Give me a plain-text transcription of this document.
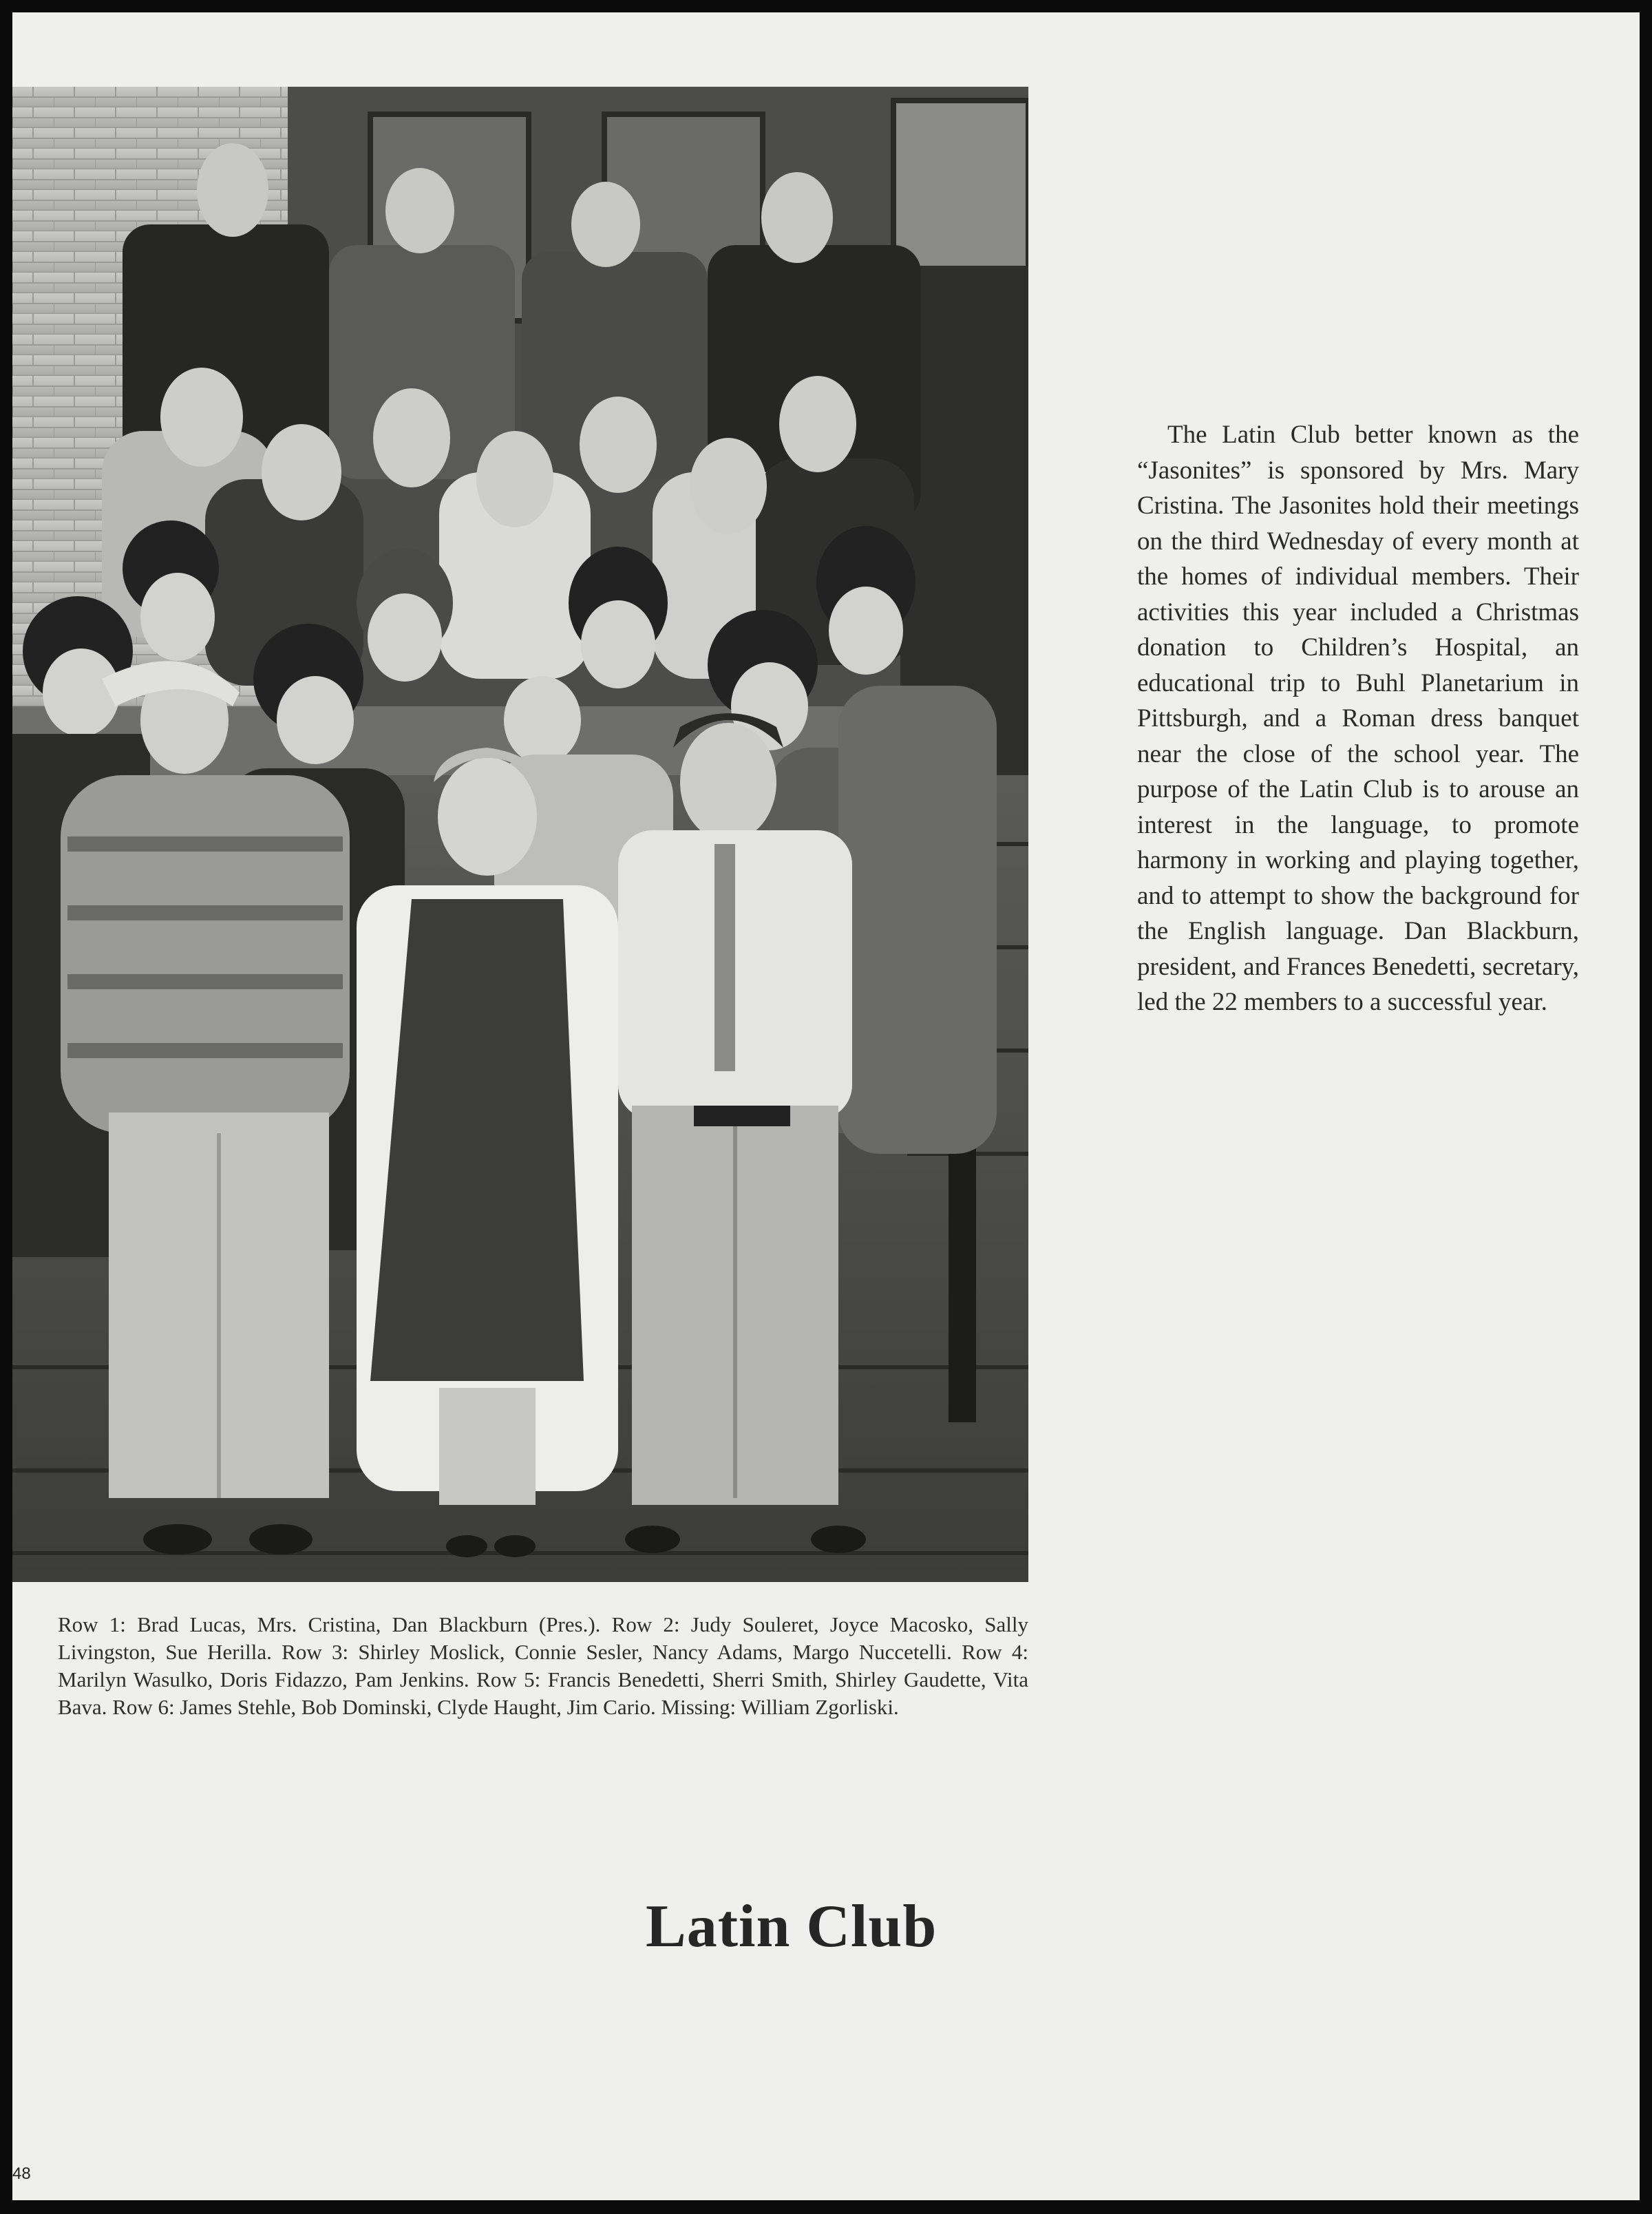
The Latin Club better known as the “Jasonites” is sponsored by Mrs. Mary Cristina. The Jasonites hold their meetings on the third Wednesday of every month at the homes of individual members. Their activities this year included a Christmas donation to Children’s Hospital, an educational trip to Buhl Planetarium in Pittsburgh, and a Roman dress banquet near the close of the school year. The purpose of the Latin Club is to arouse an interest in the language, to promote harmony in working and playing together, and to attempt to show the background for the English language. Dan Blackburn, president, and Frances Benedetti, secretary, led the 22 members to a successful year.

Row 1: Brad Lucas, Mrs. Cristina, Dan Blackburn (Pres.). Row 2: Judy Souleret, Joyce Macosko, Sally Livingston, Sue Herilla. Row 3: Shirley Moslick, Connie Sesler, Nancy Adams, Margo Nuccetelli. Row 4: Marilyn Wasulko, Doris Fidazzo, Pam Jenkins. Row 5: Francis Benedetti, Sherri Smith, Shirley Gaudette, Vita Bava. Row 6: James Stehle, Bob Dominski, Clyde Haught, Jim Cario. Missing: William Zgorliski.

Latin Club
48
